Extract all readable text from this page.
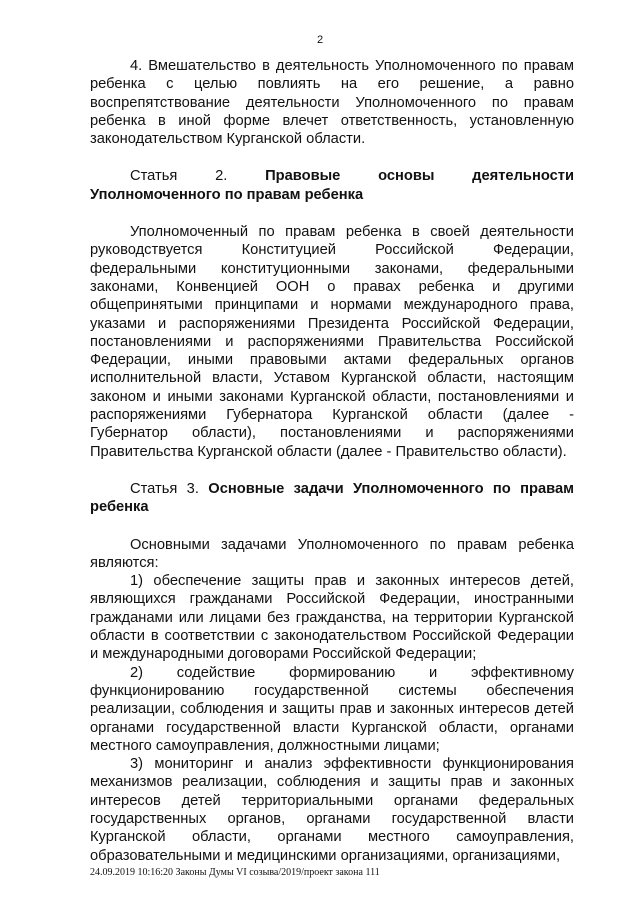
2

4. Вмешательство в деятельность Уполномоченного по правам ребенка с целью повлиять на его решение, а равно воспрепятствование деятельности Уполномоченного по правам ребенка в иной форме влечет ответственность, установленную законодательством Курганской области.

Статья 2.	Правовые основы деятельности Уполномоченного по правам ребенка

Уполномоченный по правам ребенка в своей деятельности руководствуется Конституцией Российской Федерации, федеральными конституционными законами, федеральными законами, Конвенцией ООН о правах ребенка и другими общепринятыми принципами и нормами международного права, указами и распоряжениями Президента Российской Федерации, постановлениями и распоряжениями Правительства Российской Федерации, иными правовыми актами федеральных органов исполнительной власти, Уставом Курганской области, настоящим законом и иными законами Курганской области, постановлениями и распоряжениями Губернатора Курганской области (далее - Губернатор области), постановлениями и распоряжениями Правительства Курганской области (далее - Правительство области).

Статья 3. Основные задачи Уполномоченного по правам ребенка

Основными задачами Уполномоченного по правам ребенка являются:

1) обеспечение защиты прав и законных интересов детей, являющихся гражданами Российской Федерации, иностранными гражданами или лицами без гражданства, на территории Курганской области в соответствии с законодательством Российской Федерации и международными договорами Российской Федерации;

2) содействие формированию и эффективному функционированию государственной системы обеспечения реализации, соблюдения и защиты прав и законных интересов детей органами государственной власти Курганской области, органами местного самоуправления, должностными лицами;

3) мониторинг и анализ эффективности функционирования механизмов реализации, соблюдения и защиты прав и законных интересов детей территориальными органами федеральных государственных органов, органами государственной власти Курганской области, органами местного самоуправления, образовательными и медицинскими организациями, организациями,

24.09.2019 10:16:20 Законы Думы VI созыва/2019/проект закона 111
